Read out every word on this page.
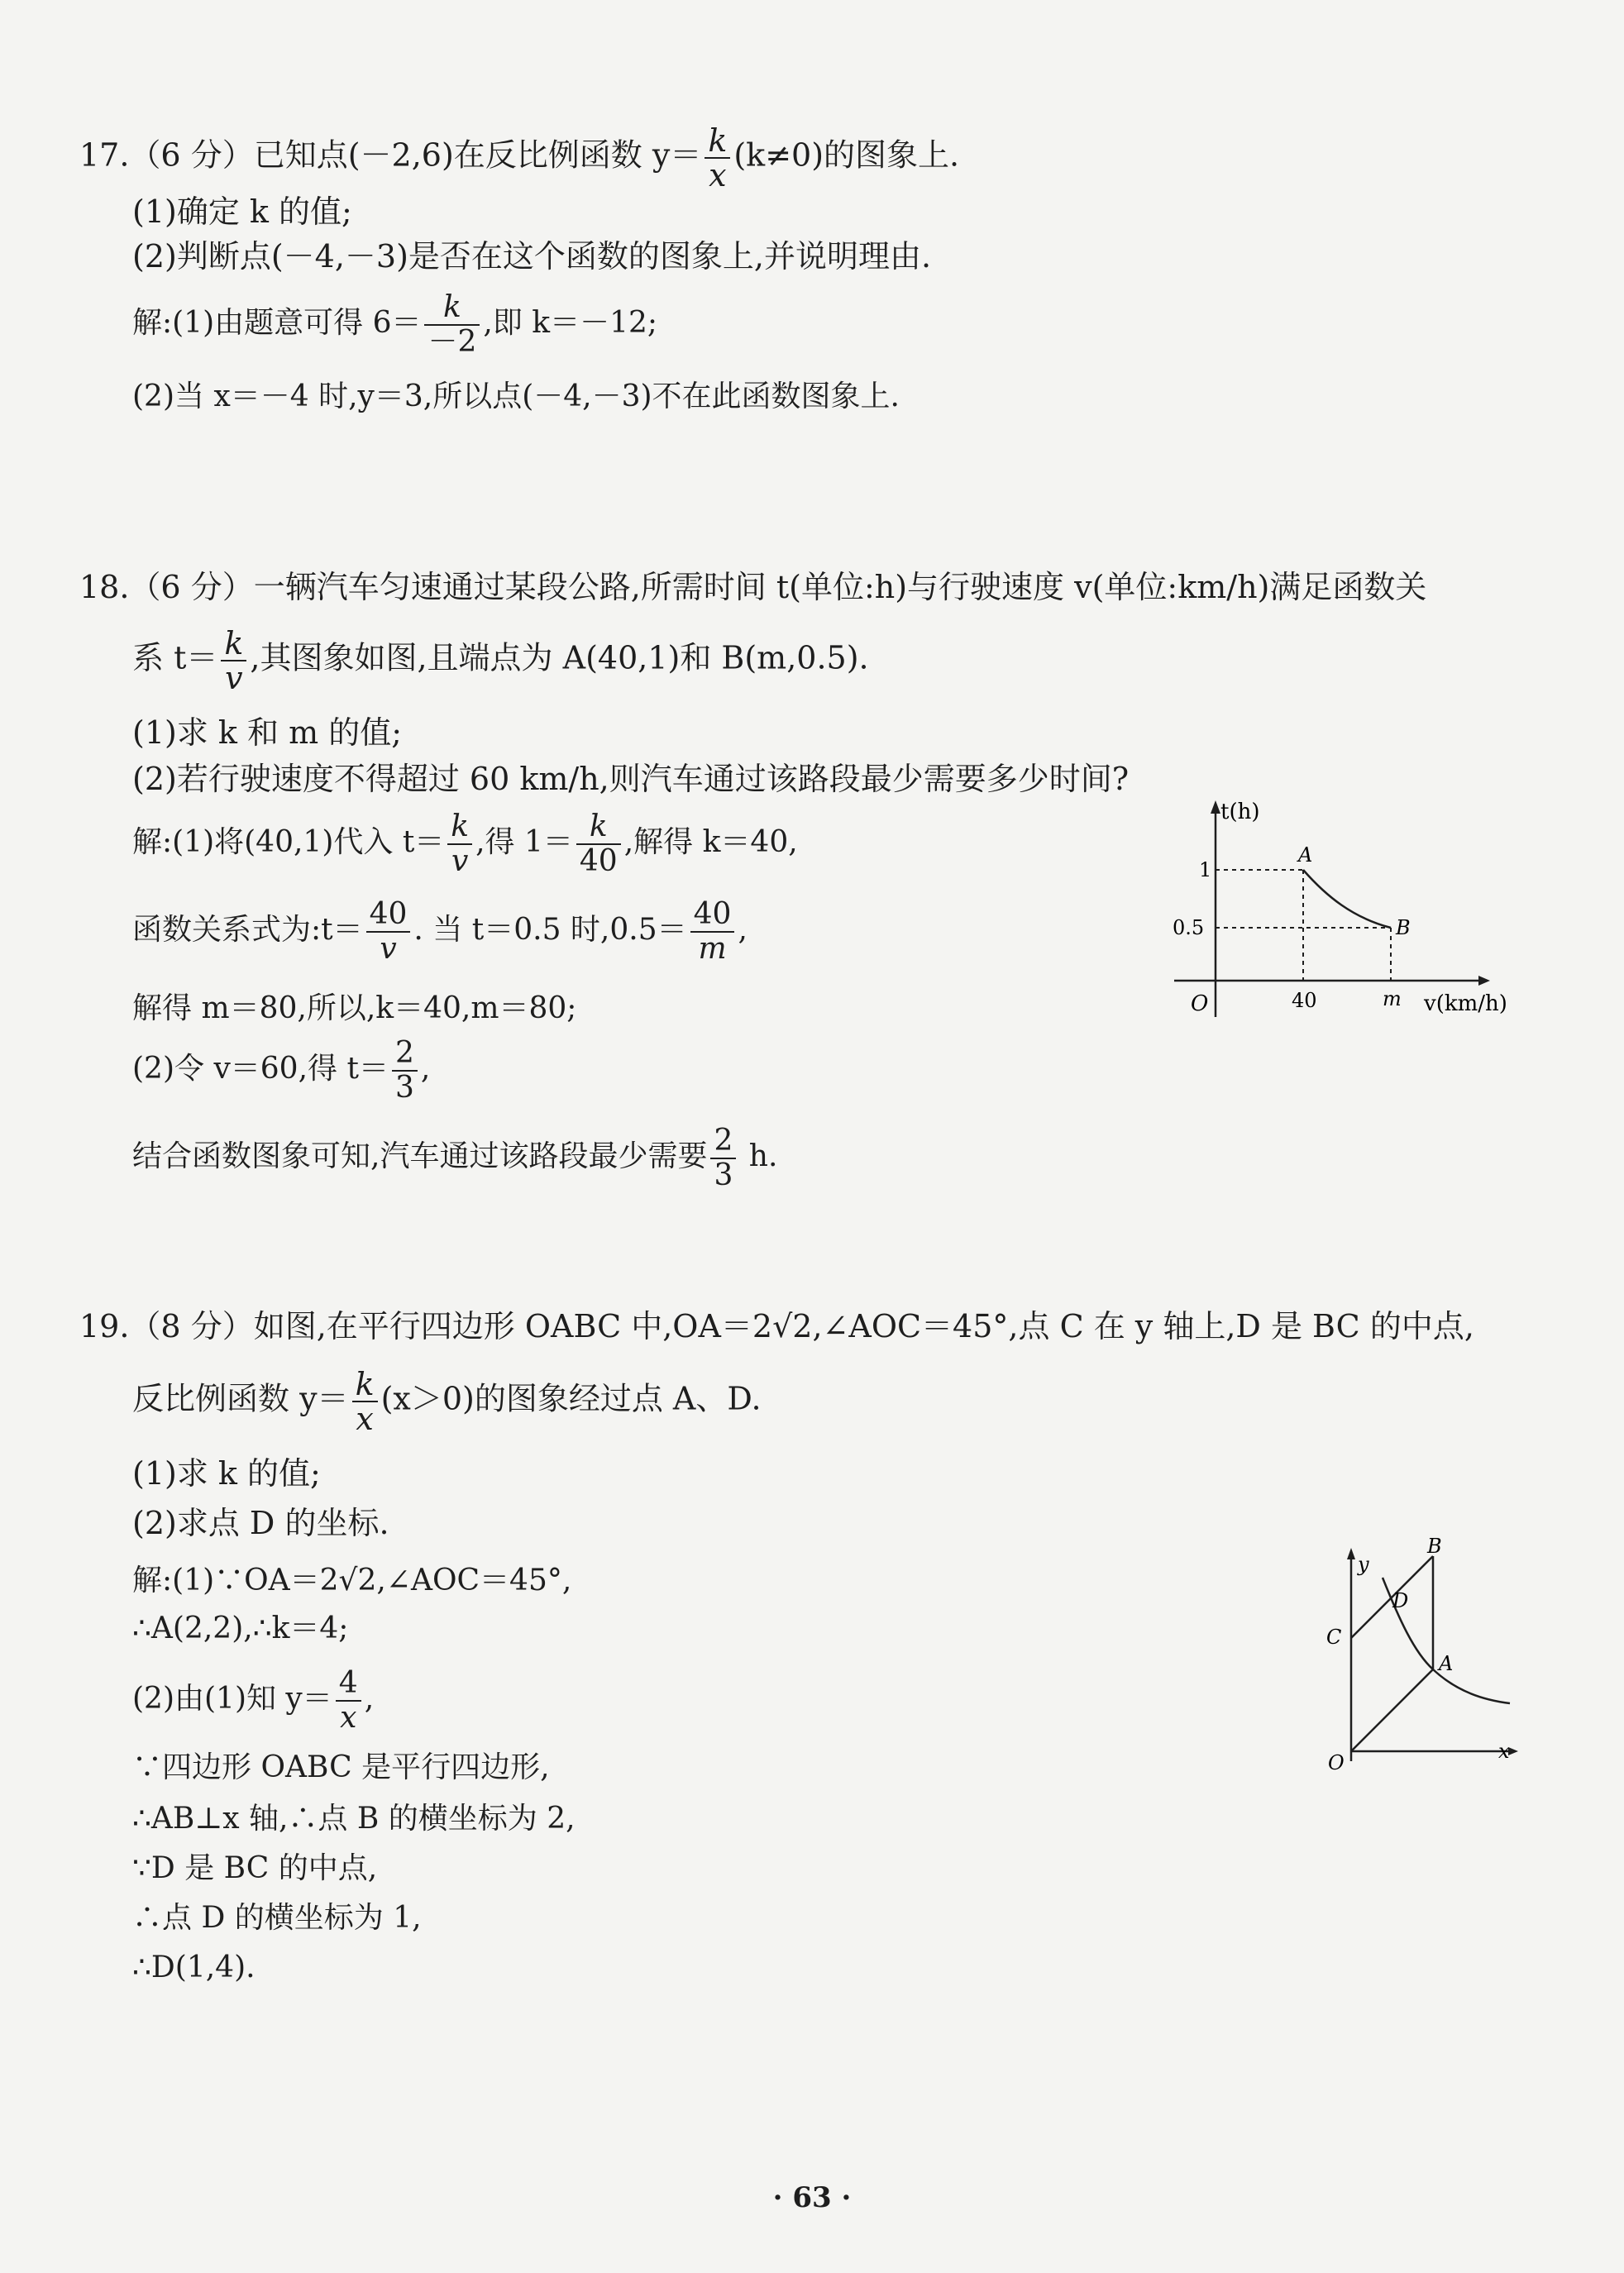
17.（6 分）已知点(－2,6)在反比例函数 $y= \frac{k}{x} (k\ne 0)$的图象上.
(1)确定 k 的值;
(2)判断点(－4,－3)是否在这个函数的图象上,并说明理由.
解:(1)由题意可得 $6= \frac{k}{-2}$ ,即 k＝－12;
(2)当 x＝－4 时,y＝3,所以点(－4,－3)不在此函数图象上.
18.（6 分）一辆汽车匀速通过某段公路,所需时间 t(单位:h)与行驶速度 v(单位:km/h)满足函数关
系 $t= \frac{k}{v}$ ,其图象如图,且端点为 A(40,1)和 B(m,0.5).
(1)求 k 和 m 的值;
(2)若行驶速度不得超过 60 km/h,则汽车通过该路段最少需要多少时间?
解:(1)将(40,1)代入 $t= \frac{k}{v}$ ,得 $1= \frac{k}{40}$ ,解得 k＝40,
函数关系式为:t＝ $\frac{40}{v}$ . 当 t＝0.5 时$,0.5= \frac{40}{m}$ ,
解得 m＝80,所以,k＝40,m＝80;
(2)令 v＝60,得 $t= \frac{2}{3}$ ,
结合函数图象可知,汽车通过该路段最少需要 $\frac{2}{3} h$.
t(h)
v(km/h)
1
0.5
40	m
O
A
B
19.（8 分）如图,在平行四边形 OABC 中,OA＝2√2,∠AOC＝45°,点 C 在 y 轴上,D 是 BC 的中点,
反比例函数 $y= \frac{k}{x} (x>0)$的图象经过点 A、D.
(1)求 k 的值;
(2)求点 D 的坐标.
解:(1)∵OA＝2√2,∠AOC＝45°,
∴A(2,2),∴k＝4;
(2)由(1)知 $y= \frac{4}{x}$ ,
∵四边形 OABC 是平行四边形,
∴AB⊥x 轴,∴点 B 的横坐标为 2,
∵D 是 BC 的中点,
∴点 D 的横坐标为 1,
∴D(1,4).
y
x
O
A
B
C
D
· 63 ·
